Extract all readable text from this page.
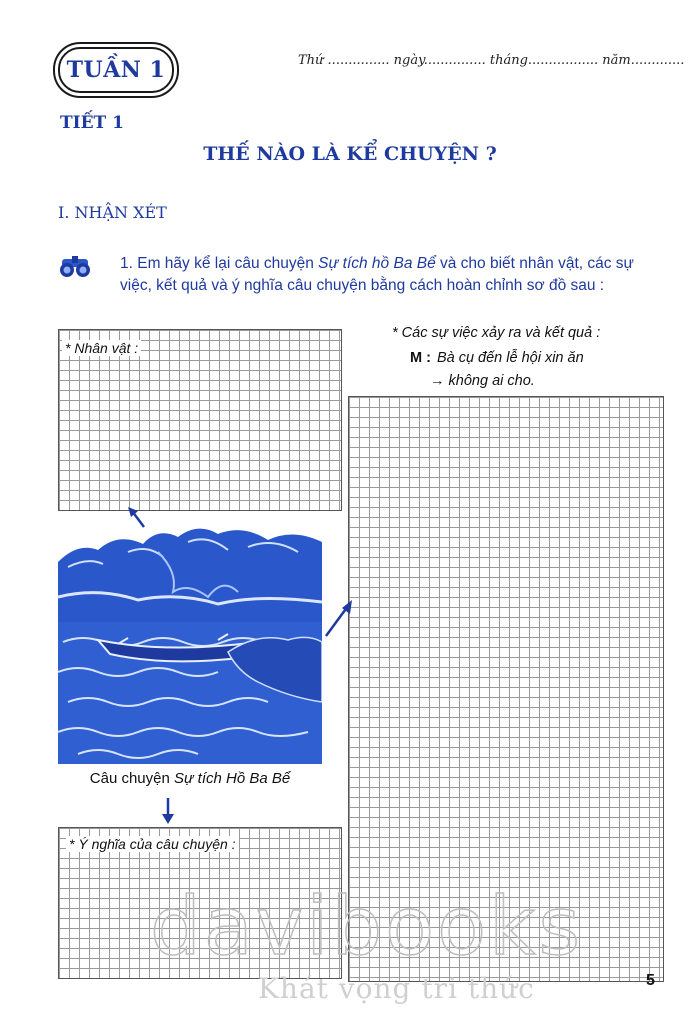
TUẦN 1	Thứ ............... ngày............... tháng................. năm.............
TIẾT 1
THẾ NÀO LÀ KỂ CHUYỆN ?
I. NHẬN XÉT
1. Em hãy kể lại câu chuyện Sự tích hồ Ba Bể và cho biết nhân vật, các sự việc, kết quả và ý nghĩa câu chuyện bằng cách hoàn chỉnh sơ đồ sau :
* Nhân vật :
* Các sự việc xảy ra và kết quả :
M : Bà cụ đến lễ hội xin ăn
→ không ai cho.
Câu chuyện Sự tích Hồ Ba Bể
* Ý nghĩa của câu chuyện :
davibooks
Khát vọng tri thức	5
